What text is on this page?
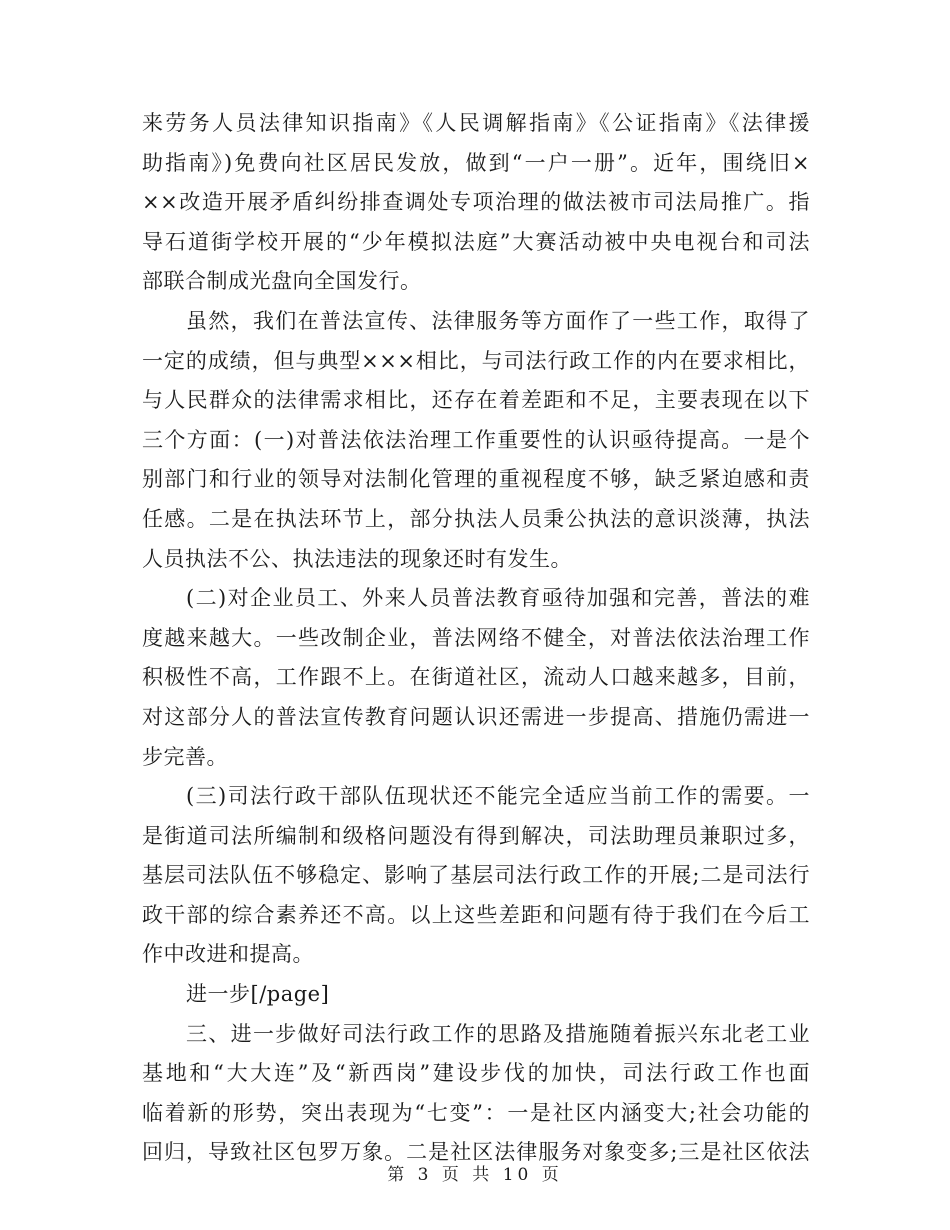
来劳务人员法律知识指南》《人民调解指南》《公证指南》《法律援
助指南》)免费向社区居民发放，做到“一户一册”。近年，围绕旧×
××改造开展矛盾纠纷排查调处专项治理的做法被市司法局推广。指
导石道街学校开展的“少年模拟法庭”大赛活动被中央电视台和司法
部联合制成光盘向全国发行。
虽然，我们在普法宣传、法律服务等方面作了一些工作，取得了
一定的成绩，但与典型×××相比，与司法行政工作的内在要求相比，
与人民群众的法律需求相比，还存在着差距和不足，主要表现在以下
三个方面：(一)对普法依法治理工作重要性的认识亟待提高。一是个
别部门和行业的领导对法制化管理的重视程度不够，缺乏紧迫感和责
任感。二是在执法环节上，部分执法人员秉公执法的意识淡薄，执法
人员执法不公、执法违法的现象还时有发生。
(二)对企业员工、外来人员普法教育亟待加强和完善，普法的难
度越来越大。一些改制企业，普法网络不健全，对普法依法治理工作
积极性不高，工作跟不上。在街道社区，流动人口越来越多，目前，
对这部分人的普法宣传教育问题认识还需进一步提高、措施仍需进一
步完善。
(三)司法行政干部队伍现状还不能完全适应当前工作的需要。一
是街道司法所编制和级格问题没有得到解决，司法助理员兼职过多，
基层司法队伍不够稳定、影响了基层司法行政工作的开展;二是司法行
政干部的综合素养还不高。以上这些差距和问题有待于我们在今后工
作中改进和提高。
进一步[/page]
三、进一步做好司法行政工作的思路及措施随着振兴东北老工业
基地和“大大连”及“新西岗”建设步伐的加快，司法行政工作也面
临着新的形势，突出表现为“七变”：一是社区内涵变大;社会功能的
回归，导致社区包罗万象。二是社区法律服务对象变多;三是社区依法
第 3 页 共 10 页
